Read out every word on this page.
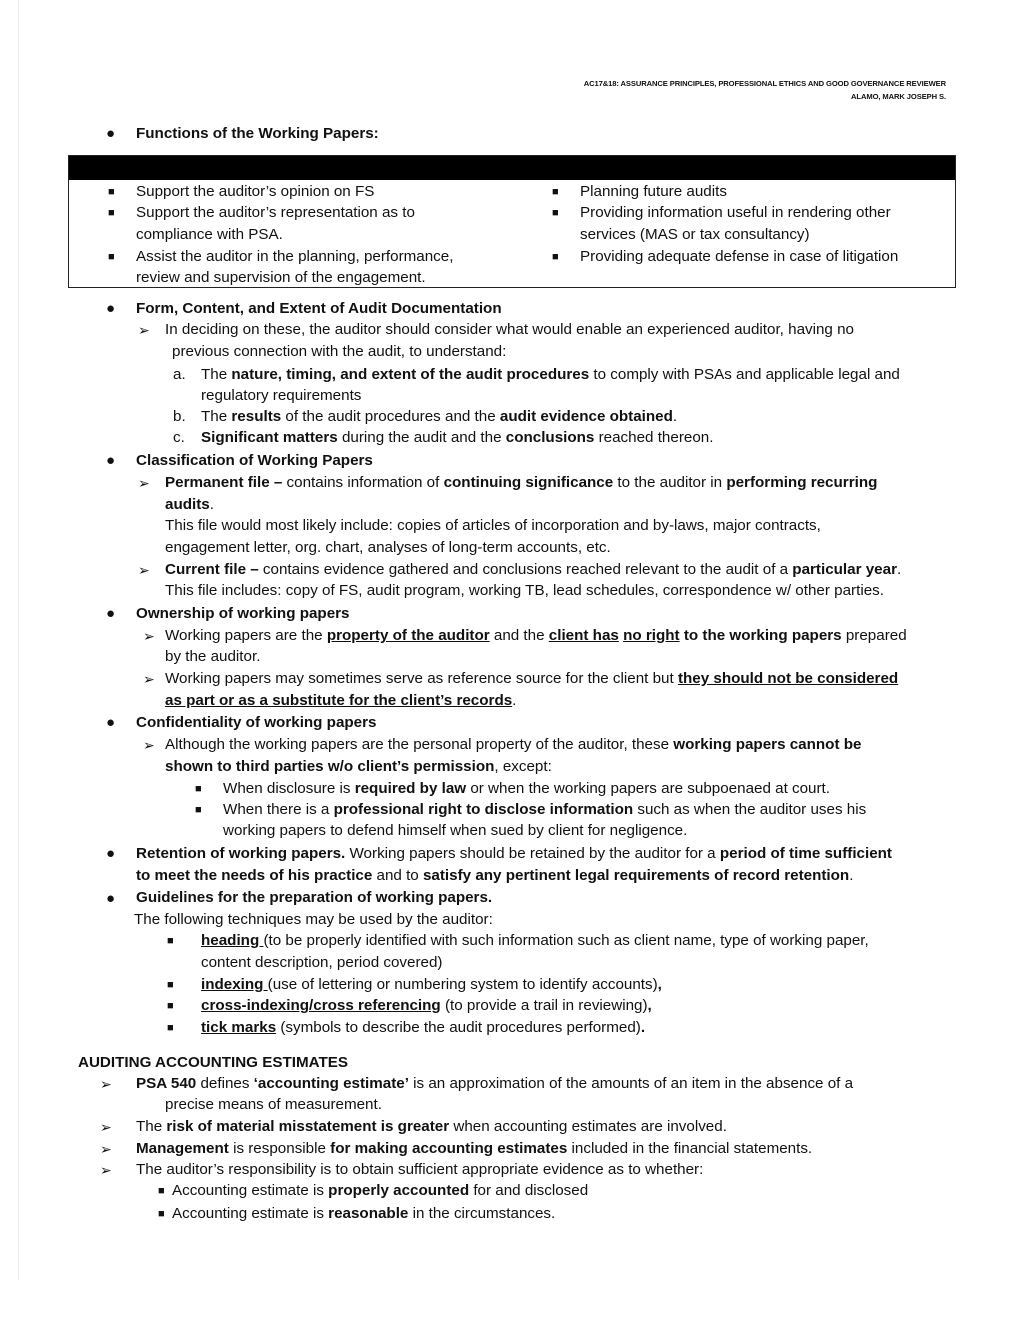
AC17&18: ASSURANCE PRINCIPLES, PROFESSIONAL ETHICS AND GOOD GOVERNANCE REVIEWER
ALAMO, MARK JOSEPH S.
● Functions of the Working Papers:
■ Support the auditor’s opinion on FS
■ Support the auditor’s representation as to
compliance with PSA.
■ Assist the auditor in the planning, performance,
review and supervision of the engagement.
■ Planning future audits
■ Providing information useful in rendering other
services (MAS or tax consultancy)
■ Providing adequate defense in case of litigation
● Form, Content, and Extent of Audit Documentation
➢ In deciding on these, the auditor should consider what would enable an experienced auditor, having no
previous connection with the audit, to understand:
a. The nature, timing, and extent of the audit procedures to comply with PSAs and applicable legal and
regulatory requirements
b. The results of the audit procedures and the audit evidence obtained.
c. Significant matters during the audit and the conclusions reached thereon.
● Classification of Working Papers
➢ Permanent file – contains information of continuing significance to the auditor in performing recurring
audits.
This file would most likely include: copies of articles of incorporation and by-laws, major contracts,
engagement letter, org. chart, analyses of long-term accounts, etc.
➢ Current file – contains evidence gathered and conclusions reached relevant to the audit of a particular year.
This file includes: copy of FS, audit program, working TB, lead schedules, correspondence w/ other parties.
● Ownership of working papers
➢ Working papers are the property of the auditor and the client has no right to the working papers prepared
by the auditor.
➢ Working papers may sometimes serve as reference source for the client but they should not be considered
as part or as a substitute for the client’s records.
● Confidentiality of working papers
➢ Although the working papers are the personal property of the auditor, these working papers cannot be
shown to third parties w/o client’s permission, except:
■ When disclosure is required by law or when the working papers are subpoenaed at court.
■ When there is a professional right to disclose information such as when the auditor uses his
working papers to defend himself when sued by client for negligence.
● Retention of working papers. Working papers should be retained by the auditor for a period of time sufficient
to meet the needs of his practice and to satisfy any pertinent legal requirements of record retention.
● Guidelines for the preparation of working papers.
The following techniques may be used by the auditor:
■ heading (to be properly identified with such information such as client name, type of working paper,
content description, period covered)
■ indexing (use of lettering or numbering system to identify accounts),
■ cross-indexing/cross referencing (to provide a trail in reviewing),
■ tick marks (symbols to describe the audit procedures performed).
AUDITING ACCOUNTING ESTIMATES
➢ PSA 540 defines ‘accounting estimate’ is an approximation of the amounts of an item in the absence of a
precise means of measurement.
➢ The risk of material misstatement is greater when accounting estimates are involved.
➢ Management is responsible for making accounting estimates included in the financial statements.
➢ The auditor’s responsibility is to obtain sufficient appropriate evidence as to whether:
■ Accounting estimate is properly accounted for and disclosed
■ Accounting estimate is reasonable in the circumstances.
